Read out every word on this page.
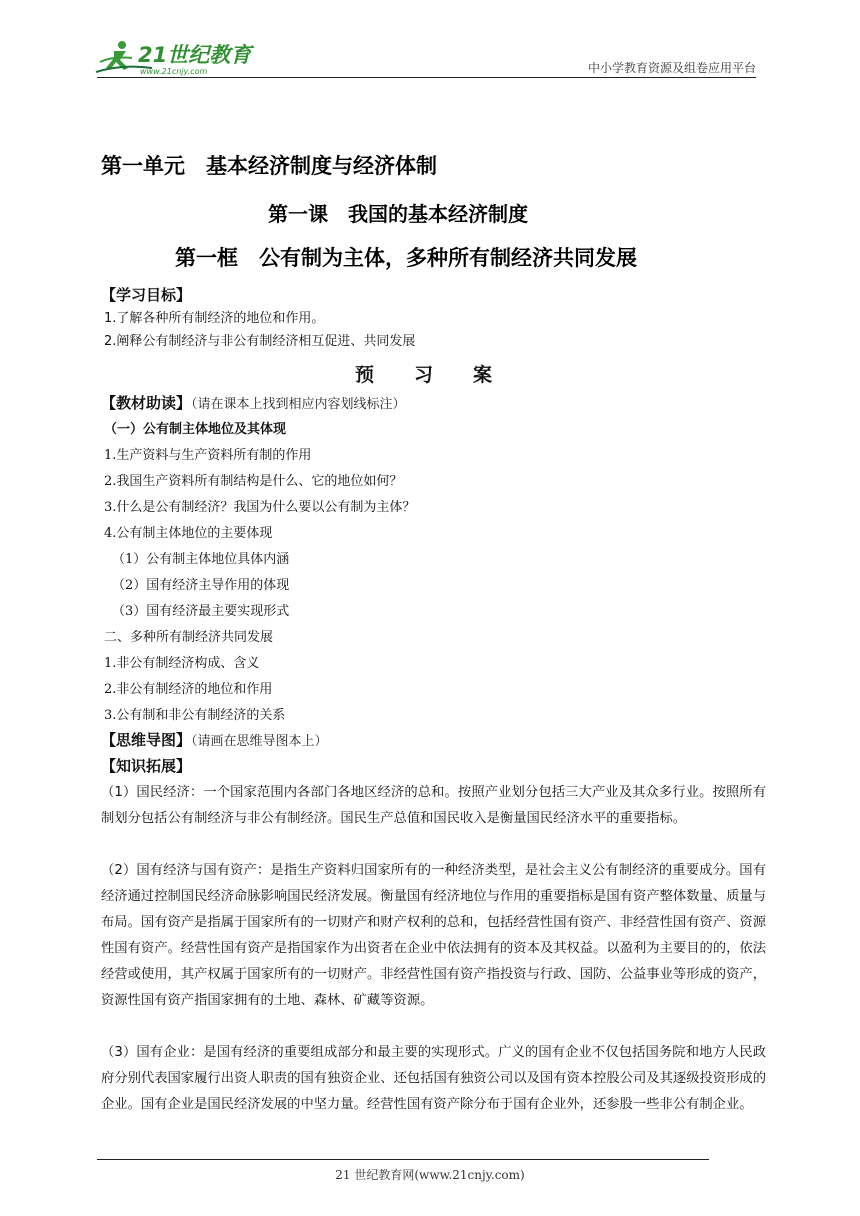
21世纪教育
www.21cnjy.com	中小学教育资源及组卷应用平台
第一单元　基本经济制度与经济体制
第一课　我国的基本经济制度
第一框　公有制为主体，多种所有制经济共同发展
【学习目标】
1.了解各种所有制经济的地位和作用。
2.阐释公有制经济与非公有制经济相互促进、共同发展
预习案
【教材助读】（请在课本上找到相应内容划线标注）
（一）公有制主体地位及其体现
1.生产资料与生产资料所有制的作用
2.我国生产资料所有制结构是什么、它的地位如何？
3.什么是公有制经济？我国为什么要以公有制为主体？
4.公有制主体地位的主要体现
（1）公有制主体地位具体内涵
（2）国有经济主导作用的体现
（3）国有经济最主要实现形式
二、多种所有制经济共同发展
1.非公有制经济构成、含义
2.非公有制经济的地位和作用
3.公有制和非公有制经济的关系
【思维导图】（请画在思维导图本上）
【知识拓展】
（1）国民经济：一个国家范围内各部门各地区经济的总和。按照产业划分包括三大产业及其众多行业。按照所有制划分包括公有制经济与非公有制经济。国民生产总值和国民收入是衡量国民经济水平的重要指标。
（2）国有经济与国有资产：是指生产资料归国家所有的一种经济类型，是社会主义公有制经济的重要成分。国有经济通过控制国民经济命脉影响国民经济发展。衡量国有经济地位与作用的重要指标是国有资产整体数量、质量与布局。国有资产是指属于国家所有的一切财产和财产权利的总和，包括经营性国有资产、非经营性国有资产、资源性国有资产。经营性国有资产是指国家作为出资者在企业中依法拥有的资本及其权益。以盈利为主要目的的，依法经营或使用，其产权属于国家所有的一切财产。非经营性国有资产指投资与行政、国防、公益事业等形成的资产，资源性国有资产指国家拥有的土地、森林、矿藏等资源。
（3）国有企业：是国有经济的重要组成部分和最主要的实现形式。广义的国有企业不仅包括国务院和地方人民政府分别代表国家履行出资人职责的国有独资企业、还包括国有独资公司以及国有资本控股公司及其逐级投资形成的企业。国有企业是国民经济发展的中坚力量。经营性国有资产除分布于国有企业外，还参股一些非公有制企业。
21 世纪教育网(www.21cnjy.com)
